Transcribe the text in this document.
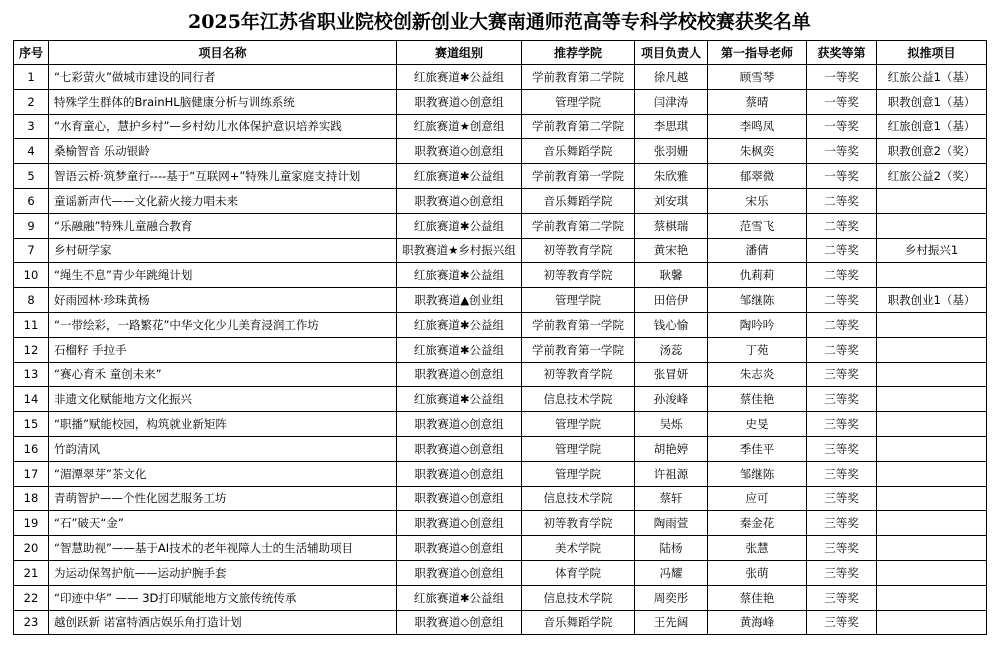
2025年江苏省职业院校创新创业大赛南通师范高等专科学校校赛获奖名单
序号	项目名称	赛道组别	推荐学院	项目负责人	第一指导老师	获奖等第	拟推项目
1	“七彩萤火”做城市建设的同行者	红旅赛道✱公益组	学前教育第二学院	徐凡越	顾雪琴	一等奖	红旅公益1（基）
2	特殊学生群体的BrainHL脑健康分析与训练系统	职教赛道◇创意组	管理学院	闫津涛	蔡晴	一等奖	职教创意1（基）
3	“水育童心，慧护乡村”—乡村幼儿水体保护意识培养实践	红旅赛道★创意组	学前教育第二学院	李思琪	李鸣凤	一等奖	红旅创意1（基）
4	桑榆智音 乐动银龄	职教赛道◇创意组	音乐舞蹈学院	张羽姗	朱枫奕	一等奖	职教创意2（奖）
5	智语云桥·筑梦童行----基于“互联网+”特殊儿童家庭支持计划	红旅赛道✱公益组	学前教育第一学院	朱欣雅	郁翠微	一等奖	红旅公益2（奖）
6	童谣新声代——文化薪火接力唱未来	职教赛道◇创意组	音乐舞蹈学院	刘安琪	宋乐	二等奖	
9	“乐融融”特殊儿童融合教育	红旅赛道✱公益组	学前教育第二学院	蔡棋瑞	范雪飞	二等奖	
7	乡村研学家	职教赛道★乡村振兴组	初等教育学院	黄宋艳	潘倩	二等奖	乡村振兴1
10	“绳生不息”青少年跳绳计划	红旅赛道✱公益组	初等教育学院	耿馨	仇莉莉	二等奖	
8	好雨园林·珍珠黄杨	职教赛道▲创业组	管理学院	田倍伊	邹继陈	二等奖	职教创业1（基）
11	“一带绘彩，一路繁花”中华文化少儿美育浸润工作坊	红旅赛道✱公益组	学前教育第一学院	钱心愉	陶吟吟	二等奖	
12	石榴籽 手拉手	红旅赛道✱公益组	学前教育第一学院	汤蕊	丁苑	二等奖	
13	“赛心育禾 童创未来”	职教赛道◇创意组	初等教育学院	张冒妍	朱志炎	三等奖	
14	非遗文化赋能地方文化振兴	红旅赛道✱公益组	信息技术学院	孙浚峰	蔡佳艳	三等奖	
15	“职播”赋能校园，构筑就业新矩阵	职教赛道◇创意组	管理学院	吴烁	史旻	三等奖	
16	竹韵清风	职教赛道◇创意组	管理学院	胡艳婷	季佳平	三等奖	
17	“湄潭翠芽”茶文化	职教赛道◇创意组	管理学院	许祖源	邹继陈	三等奖	
18	青萌智护——个性化园艺服务工坊	职教赛道◇创意组	信息技术学院	蔡轩	应可	三等奖	
19	“石”破天“金”	职教赛道◇创意组	初等教育学院	陶雨萱	秦金花	三等奖	
20	“智慧助视”——基于AI技术的老年视障人士的生活辅助项目	职教赛道◇创意组	美术学院	陆杨	张慧	三等奖	
21	为运动保驾护航——运动护腕手套	职教赛道◇创意组	体育学院	冯耀	张萌	三等奖	
22	“印迹中华” —— 3D打印赋能地方文旅传统传承	红旅赛道✱公益组	信息技术学院	周奕彤	蔡佳艳	三等奖	
23	越创跃新 诺富特酒店娱乐角打造计划	职教赛道◇创意组	音乐舞蹈学院	王先阔	黄海峰	三等奖	
